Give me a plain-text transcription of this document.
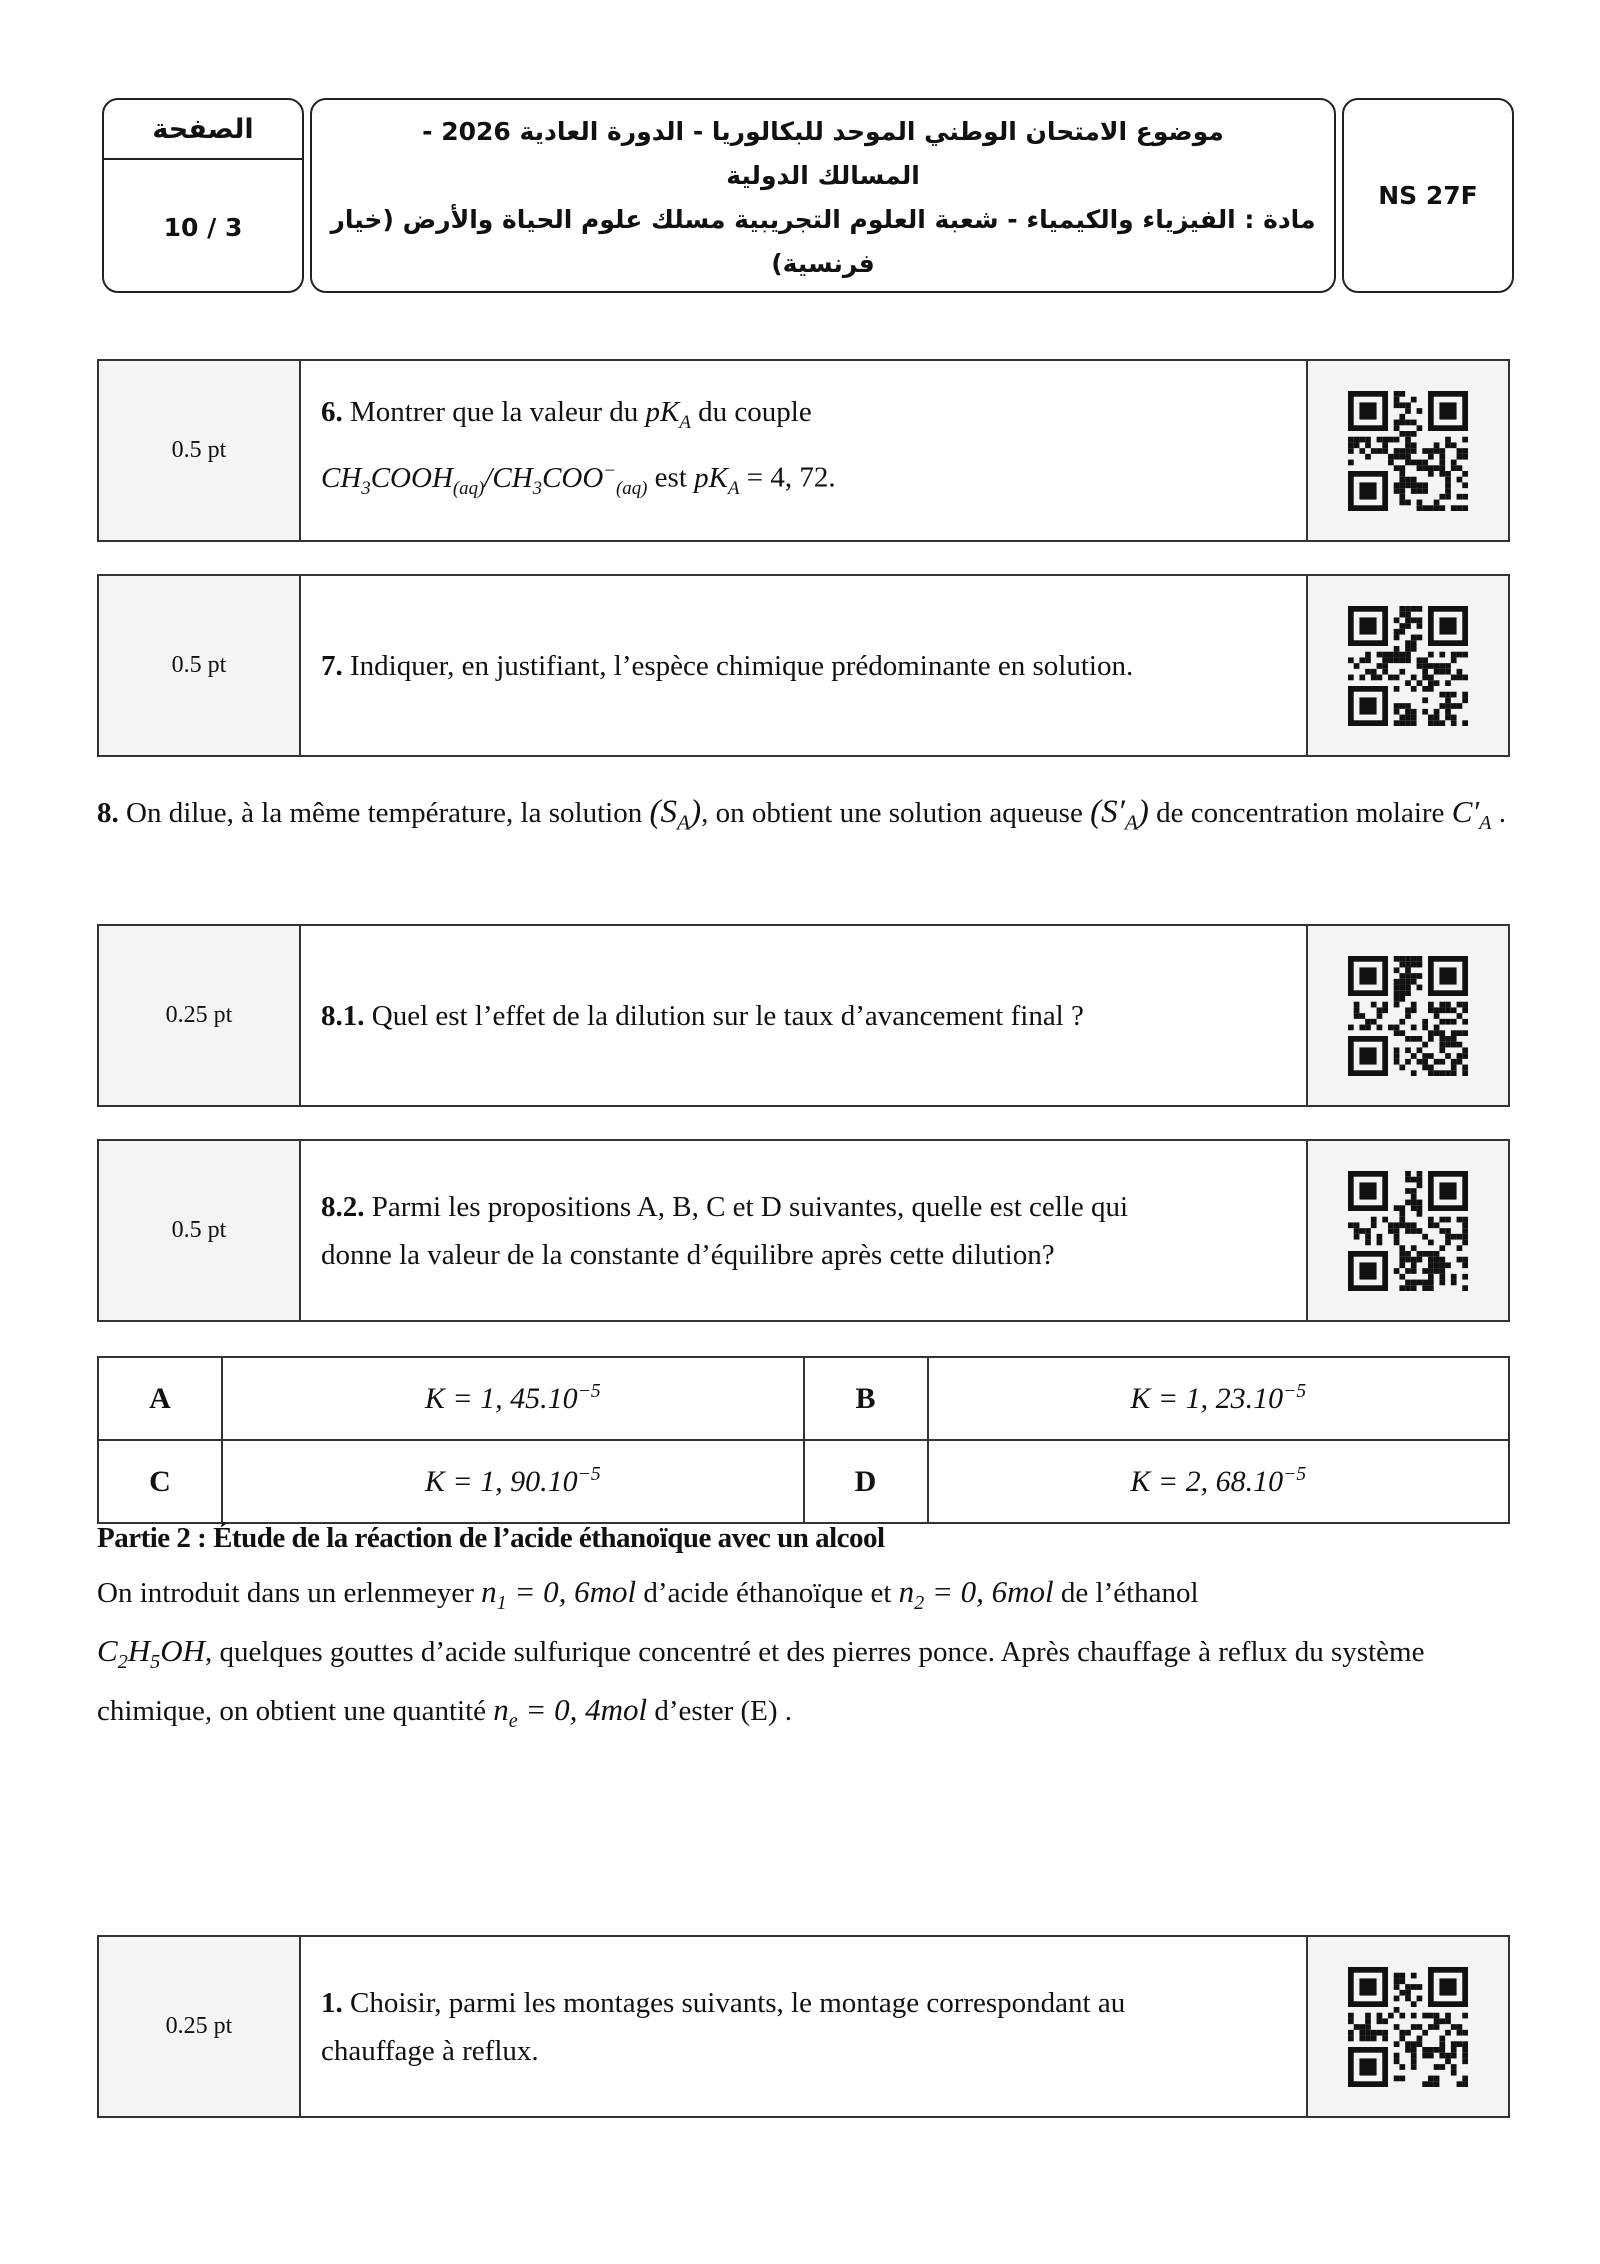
الصفحة
10 / 3
موضوع الامتحان الوطني الموحد للبكالوريا - الدورة العادية 2026 -
المسالك الدولية
مادة : الفيزياء والكيمياء - شعبة العلوم التجريبية مسلك علوم الحياة والأرض (خيار
فرنسية)
NS 27F
0.5 pt
6. Montrer que la valeur du $pK_A$ du couple
$CH_3COOH_{(aq)}/CH_3COO^-_{(aq)}$ est $pK_A = 4$, 72.
0.5 pt	7. Indiquer, en justifiant, l’espèce chimique prédominante en solution.
8. On dilue, à la même température, la solution $(S_A)$, on obtient une solution aqueuse $(S'_A)$ de concentration molaire $C'_A$ .
0.25 pt	8.1. Quel est l’effet de la dilution sur le taux d’avancement final ?
0.5 pt
8.2. Parmi les propositions A, B, C et D suivantes, quelle est celle qui
donne la valeur de la constante d’équilibre après cette dilution?
A	K = 1, $45.10^{-5}$	B	K = 1, $23.10^{-5}$
C	K = 1, $90.10^{-5}$	D	K = 2, $68.10^{-5}$
Partie 2 : Étude de la réaction de l’acide éthanoïque avec un alcool
On introduit dans un erlenmeyer $n_1 = 0$, 6mol d’acide éthanoïque et $n_2 = 0$, 6mol de l’éthanol
$C_2H_5OH$, quelques gouttes d’acide sulfurique concentré et des pierres ponce. Après chauffage à reflux du système chimique, on obtient une quantité $n_e = 0$, 4mol d’ester (E) .
0.25 pt
1. Choisir, parmi les montages suivants, le montage correspondant au
chauffage à reflux.
